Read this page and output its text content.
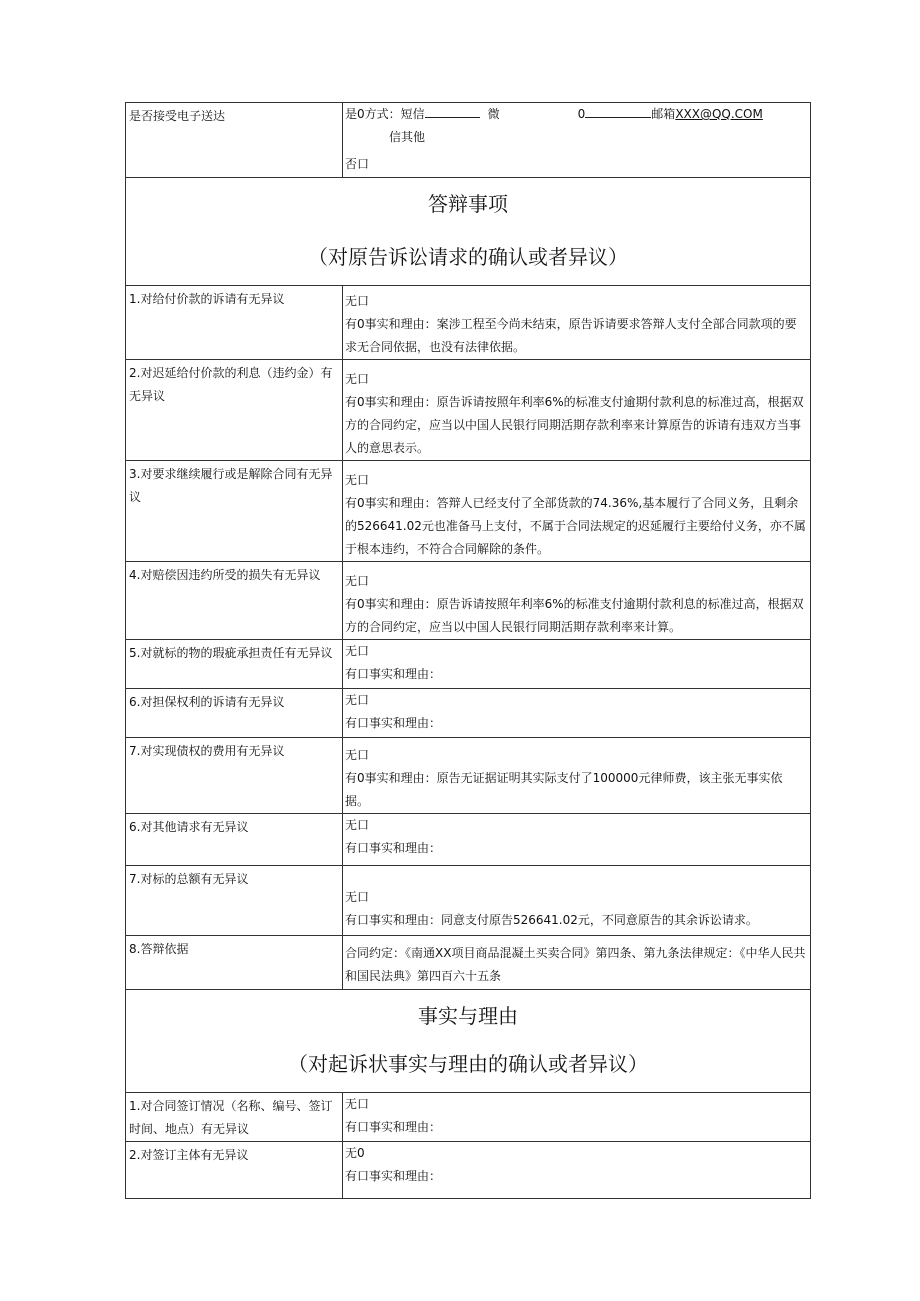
是否接受电子送达	是0方式：短信 微 0 邮箱XXX@QQ.COM
信其他
否口

答辩事项
（对原告诉讼请求的确认或者异议）	

1.对给付价款的诉请有无异议	无口
有0事实和理由：案涉工程至今尚未结束，原告诉请要求答辩人支付全部合同款项的要求无合同依据，也没有法律依据。

2.对迟延给付价款的利息（违约金）有无异议	无口
有0事实和理由：原告诉请按照年利率6%的标准支付逾期付款利息的标准过高，根据双方的合同约定，应当以中国人民银行同期活期存款利率来计算原告的诉请有违双方当事人的意思表示。

3.对要求继续履行或是解除合同有无异议	无口
有0事实和理由：答辩人已经支付了全部货款的74.36%,基本履行了合同义务，且剩余的526641.02元也准备马上支付，不属于合同法规定的迟延履行主要给付义务，亦不属于根本违约，不符合合同解除的条件。

4.对赔偿因违约所受的损失有无异议	无口
有0事实和理由：原告诉请按照年利率6%的标准支付逾期付款利息的标准过高，根据双方的合同约定，应当以中国人民银行同期活期存款利率来计算。

5.对就标的物的瑕疵承担责任有无异议	无口
有口事实和理由：

6.对担保权利的诉请有无异议	无口
有口事实和理由：

7.对实现债权的费用有无异议	无口
有0事实和理由：原告无证据证明其实际支付了100000元律师费，该主张无事实依据。

6.对其他请求有无异议	无口
有口事实和理由：

7.对标的总额有无异议	无口
有口事实和理由：同意支付原告526641.02元，不同意原告的其余诉讼请求。

8.答辩依据	合同约定：《南通XX项目商品混凝土买卖合同》第四条、第九条法律规定：《中华人民共和国民法典》第四百六十五条

事实与理由
（对起诉状事实与理由的确认或者异议）	

1.对合同签订情况（名称、编号、签订时间、地点）有无异议	无口
有口事实和理由：

2.对签订主体有无异议	无0
有口事实和理由：
